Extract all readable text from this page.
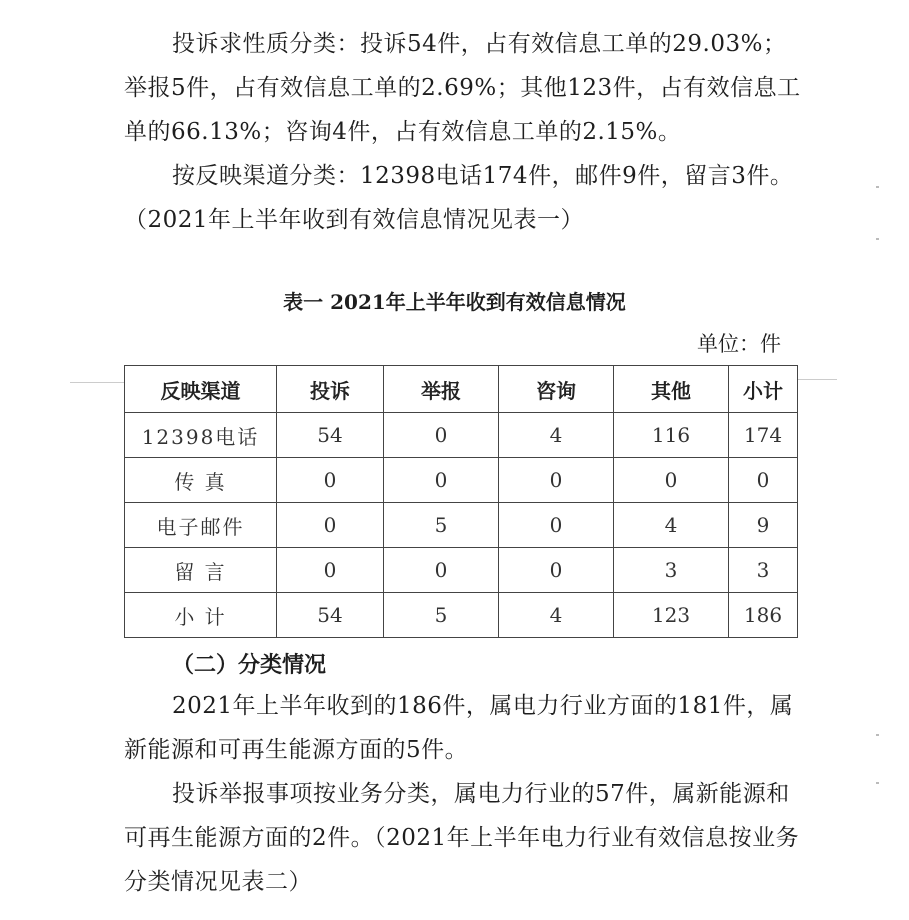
投诉求性质分类：投诉54件，占有效信息工单的29.03%；举报5件，占有效信息工单的2.69%；其他123件，占有效信息工单的66.13%；咨询4件，占有效信息工单的2.15%。

按反映渠道分类：12398电话174件，邮件9件，留言3件。（2021年上半年收到有效信息情况见表一）

表一 2021年上半年收到有效信息情况

单位：件

反映渠道	投诉	举报	咨询	其他	小计
12398电话	54	0	4	116	174
传 真	0	0	0	0	0
电子邮件	0	5	0	4	9
留 言	0	0	0	3	3
小 计	54	5	4	123	186

（二）分类情况

2021年上半年收到的186件，属电力行业方面的181件，属新能源和可再生能源方面的5件。

投诉举报事项按业务分类，属电力行业的57件，属新能源和可再生能源方面的2件。（2021年上半年电力行业有效信息按业务分类情况见表二）
